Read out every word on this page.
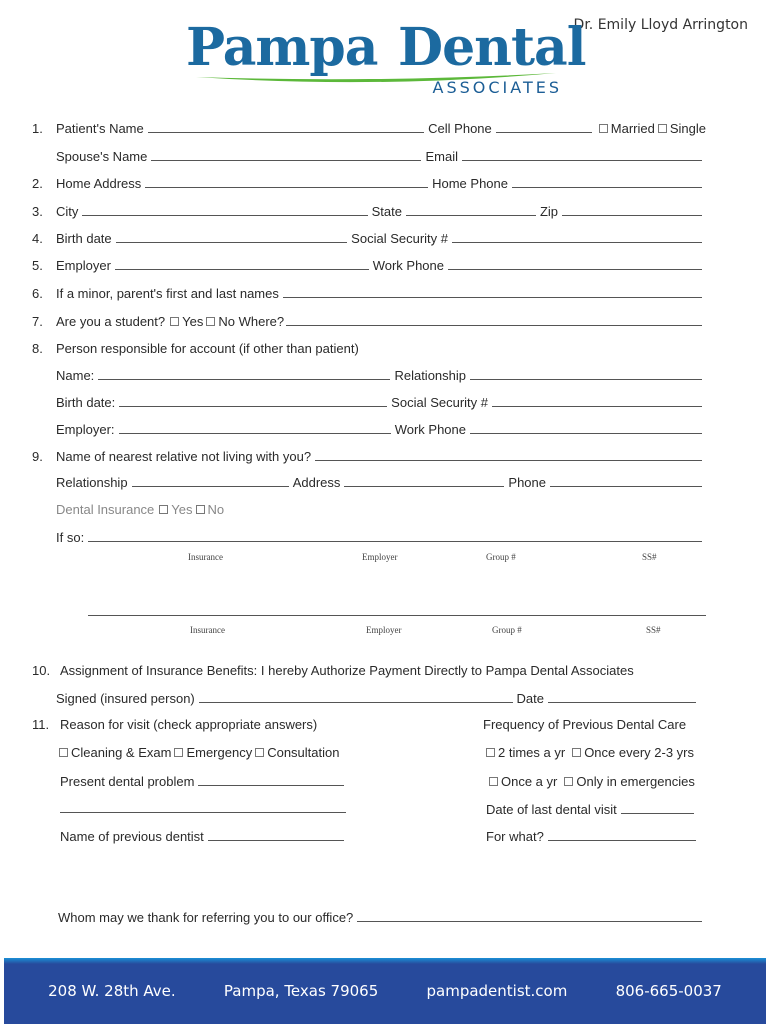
Dr. Emily Lloyd Arrington
Pampa Dental
ASSOCIATES
1.	Patient's Name	Cell Phone	Married Single
Spouse's Name	Email
2.	Home Address	Home Phone
3.	City	State	Zip
4.	Birth date	Social Security #
5.	Employer	Work Phone
6.	If a minor, parent's first and last names
7.	Are you a student? Yes No Where?
8.	Person responsible for account (if other than patient)
Name:	Relationship
Birth date:	Social Security #
Employer:	Work Phone
9.	Name of nearest relative not living with you?
Relationship	Address	Phone
Dental Insurance Yes No
If so:
Insurance	Employer	Group #	SS#
Insurance	Employer	Group #	SS#
10. Assignment of Insurance Benefits: I hereby Authorize Payment Directly to Pampa Dental Associates
Signed (insured person)	Date
11. Reason for visit (check appropriate answers)	Frequency of Previous Dental Care
Cleaning & Exam Emergency Consultation	2 times a yr Once every 2-3 yrs
Present dental problem	Once a yr Only in emergencies
Date of last dental visit
Name of previous dentist	For what?
Whom may we thank for referring you to our office?
208 W. 28th Ave.	Pampa, Texas 79065	pampadentist.com	806-665-0037
